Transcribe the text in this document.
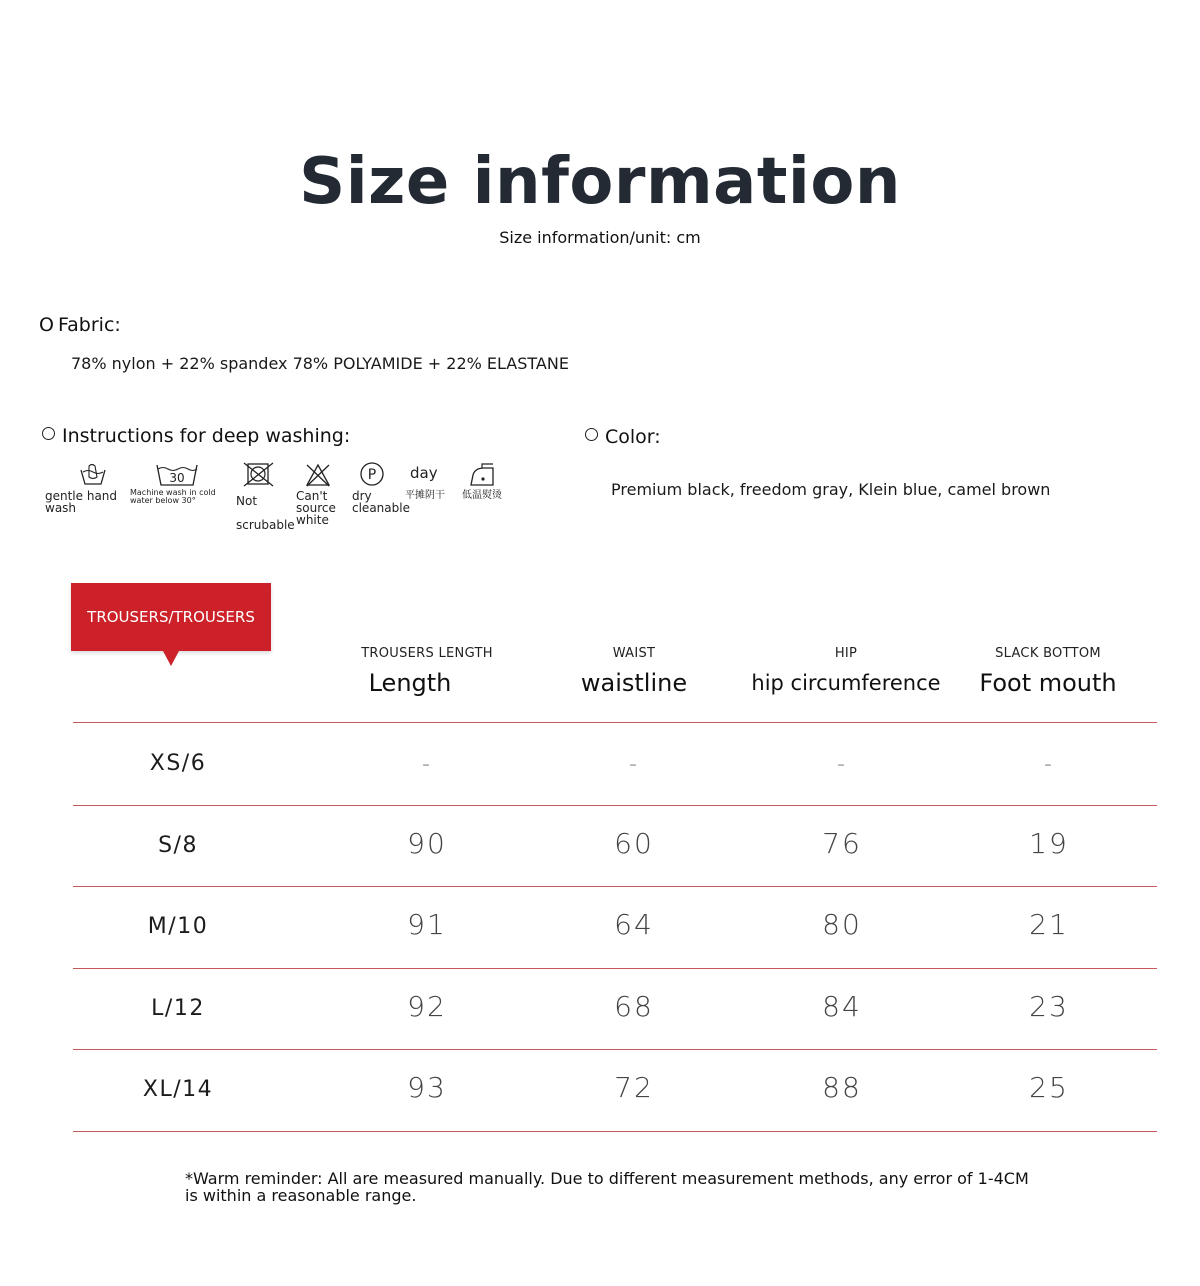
Size information
Size information/unit: cm
O Fabric:
78% nylon + 22% spandex 78% POLYAMIDE + 22% ELASTANE
Instructions for deep washing:
gentle hand wash
30
Machine wash in cold water below 30°	Not scrubable
Can't source white
P
dry cleanable
day
平摊阴干	低温熨烫
Color:
Premium black, freedom gray, Klein blue, camel brown
TROUSERS/TROUSERS
TROUSERS LENGTH
Length
WAIST
waistline
HIP
hip circumference
SLACK BOTTOM
Foot mouth
XS/6	-	-	-	-
S/8	90	60	76	19
M/10	91	64	80	21
L/12	92	68	84	23
XL/14	93	72	88	25
*Warm reminder: All are measured manually. Due to different measurement methods, any error of 1-4CM is within a reasonable range.
